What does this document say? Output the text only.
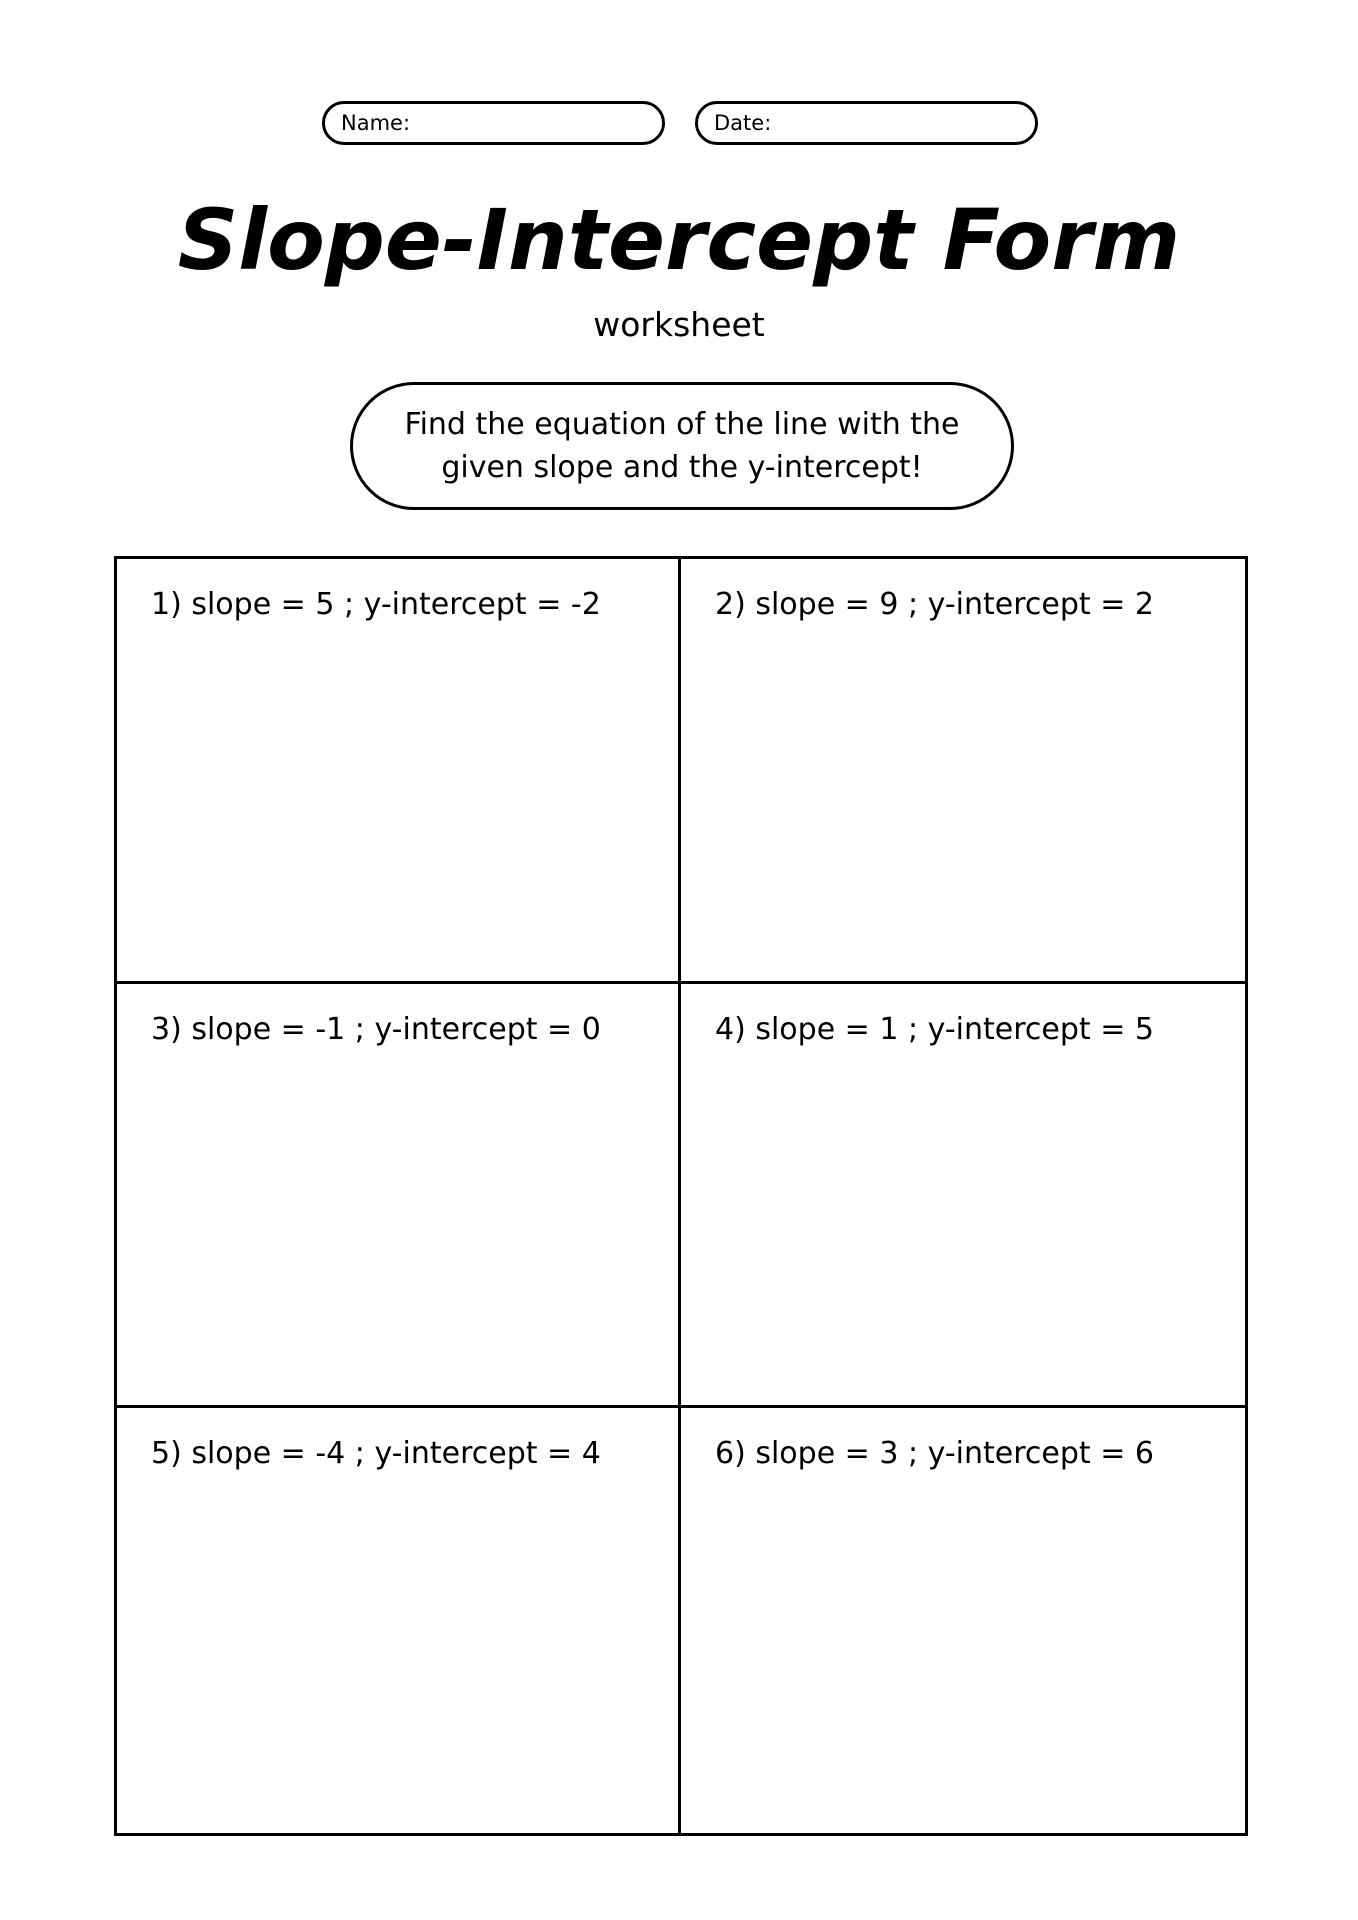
Name:	Date:
Slope-Intercept Form
worksheet
Find the equation of the line with the
given slope and the y-intercept!
1) slope = 5 ; y-intercept = -2	2) slope = 9 ; y-intercept = 2
3) slope = -1 ; y-intercept = 0	4) slope = 1 ; y-intercept = 5
5) slope = -4 ; y-intercept = 4	6) slope = 3 ; y-intercept = 6
